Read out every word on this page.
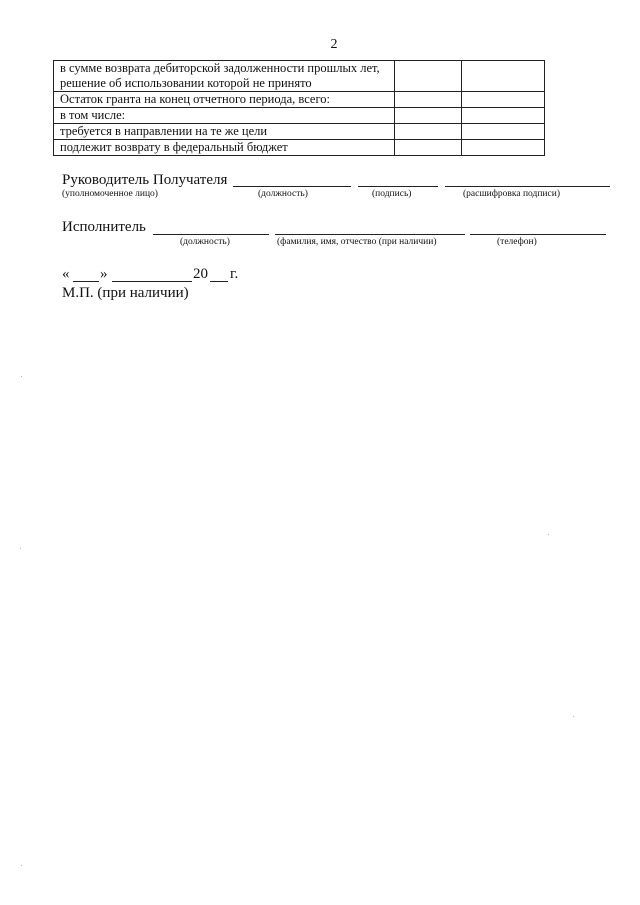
2
в сумме возврата дебиторской задолженности прошлых лет, решение об использовании которой не принято		
Остаток гранта на конец отчетного периода, всего:		
в том числе:		
требуется в направлении на те же цели		
подлежит возврату в федеральный бюджет		
Руководитель Получателя
(уполномоченное лицо)	(должность)	(подпись)	(расшифровка подписи)
Исполнитель
(должность)	(фамилия, имя, отчество (при наличии)	(телефон)
« »	20 г.
М.П. (при наличии)
